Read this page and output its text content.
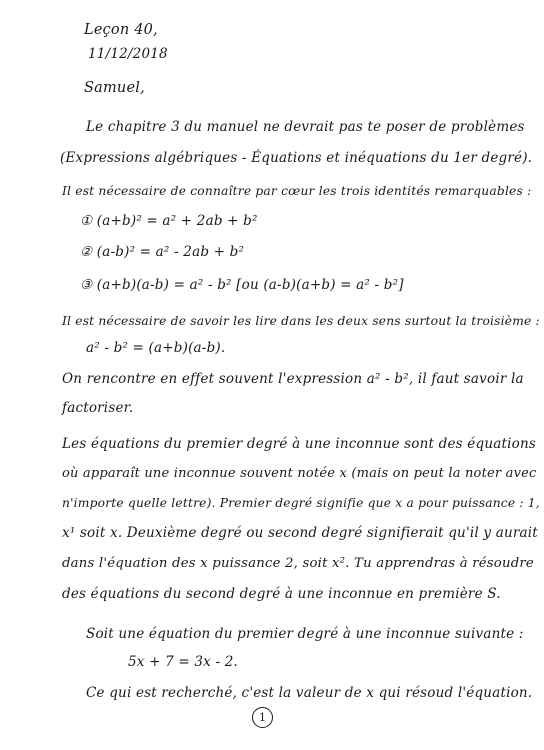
Leçon 40,
11/12/2018
Samuel,
Le chapitre 3 du manuel ne devrait pas te poser de problèmes
(Expressions algébriques - Équations et inéquations du 1er degré).
Il est nécessaire de connaître par cœur les trois identités remarquables :
① (a+b)² = a² + 2ab + b²
② (a-b)² = a² - 2ab + b²
③ (a+b)(a-b) = a² - b² [ou (a-b)(a+b) = a² - b²]
Il est nécessaire de savoir les lire dans les deux sens surtout la troisième :
a² - b² = (a+b)(a-b).
On rencontre en effet souvent l'expression a² - b², il faut savoir la
factoriser.
Les équations du premier degré à une inconnue sont des équations
où apparaît une inconnue souvent notée x (mais on peut la noter avec
n'importe quelle lettre). Premier degré signifie que x a pour puissance : 1,
x¹ soit x. Deuxième degré ou second degré signifierait qu'il y aurait
dans l'équation des x puissance 2, soit x². Tu apprendras à résoudre
des équations du second degré à une inconnue en première S.
Soit une équation du premier degré à une inconnue suivante :
5x + 7 = 3x - 2.
Ce qui est recherché, c'est la valeur de x qui résoud l'équation.
1
